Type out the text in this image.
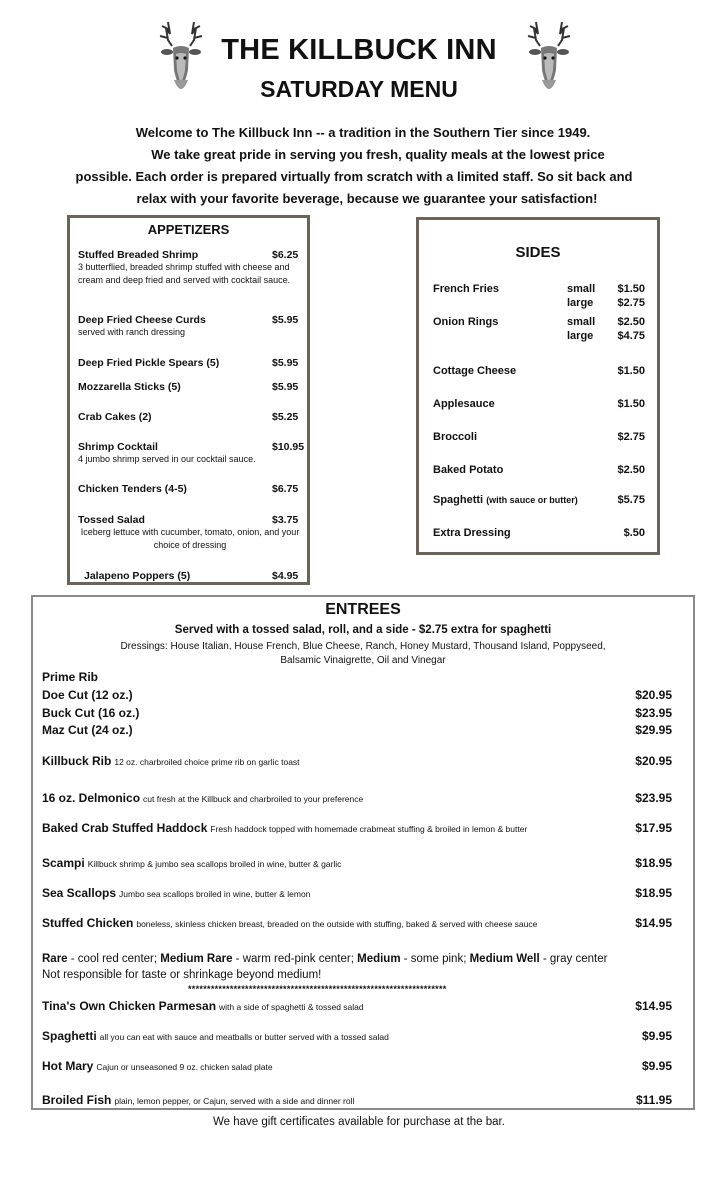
THE KILLBUCK INN
SATURDAY MENU
Welcome to The Killbuck Inn -- a tradition in the Southern Tier since 1949.
We take great pride in serving you fresh, quality meals at the lowest price
possible. Each order is prepared virtually from scratch with a limited staff. So sit back and
relax with your favorite beverage, because we guarantee your satisfaction!
APPETIZERS
Stuffed Breaded Shrimp	$6.25
3 butterflied, breaded shrimp stuffed with cheese and cream and deep fried and served with cocktail sauce.
Deep Fried Cheese Curds	$5.95
served with ranch dressing
Deep Fried Pickle Spears (5)	$5.95
Mozzarella Sticks (5)	$5.95
Crab Cakes (2)	$5.25
Shrimp Cocktail	$10.95
4 jumbo shrimp served in our cocktail sauce.
Chicken Tenders (4-5)	$6.75
Tossed Salad	$3.75
Iceberg lettuce with cucumber, tomato, onion, and your choice of dressing
Jalapeno Poppers (5)	$4.95
SIDES
French Fries	small	$1.50
large	$2.75
Onion Rings	small	$2.50
large	$4.75
Cottage Cheese	$1.50
Applesauce	$1.50
Broccoli	$2.75
Baked Potato	$2.50
Spaghetti (with sauce or butter)	$5.75
Extra Dressing	$.50
ENTREES
Served with a tossed salad, roll, and a side - $2.75 extra for spaghetti
Dressings: House Italian, House French, Blue Cheese, Ranch, Honey Mustard, Thousand Island, Poppyseed,
Balsamic Vinaigrette, Oil and Vinegar
Prime Rib
Doe Cut (12 oz.)	$20.95
Buck Cut (16 oz.)	$23.95
Maz Cut (24 oz.)	$29.95
Killbuck Rib 12 oz. charbroiled choice prime rib on garlic toast	$20.95
16 oz. Delmonico cut fresh at the Killbuck and charbroiled to your preference	$23.95
Baked Crab Stuffed Haddock Fresh haddock topped with homemade crabmeat stuffing & broiled in lemon & butter	$17.95
Scampi Killbuck shrimp & jumbo sea scallops broiled in wine, butter & garlic	$18.95
Sea Scallops Jumbo sea scallops broiled in wine, butter & lemon	$18.95
Stuffed Chicken boneless, skinless chicken breast, breaded on the outside with stuffing, baked & served with cheese sauce	$14.95
Rare - cool red center; Medium Rare - warm red-pink center; Medium - some pink; Medium Well - gray center
Not responsible for taste or shrinkage beyond medium!
********************************************************************
Tina's Own Chicken Parmesan with a side of spaghetti & tossed salad	$14.95
Spaghetti all you can eat with sauce and meatballs or butter served with a tossed salad	$9.95
Hot Mary Cajun or unseasoned 9 oz. chicken salad plate	$9.95
Broiled Fish plain, lemon pepper, or Cajun, served with a side and dinner roll	$11.95
We have gift certificates available for purchase at the bar.
